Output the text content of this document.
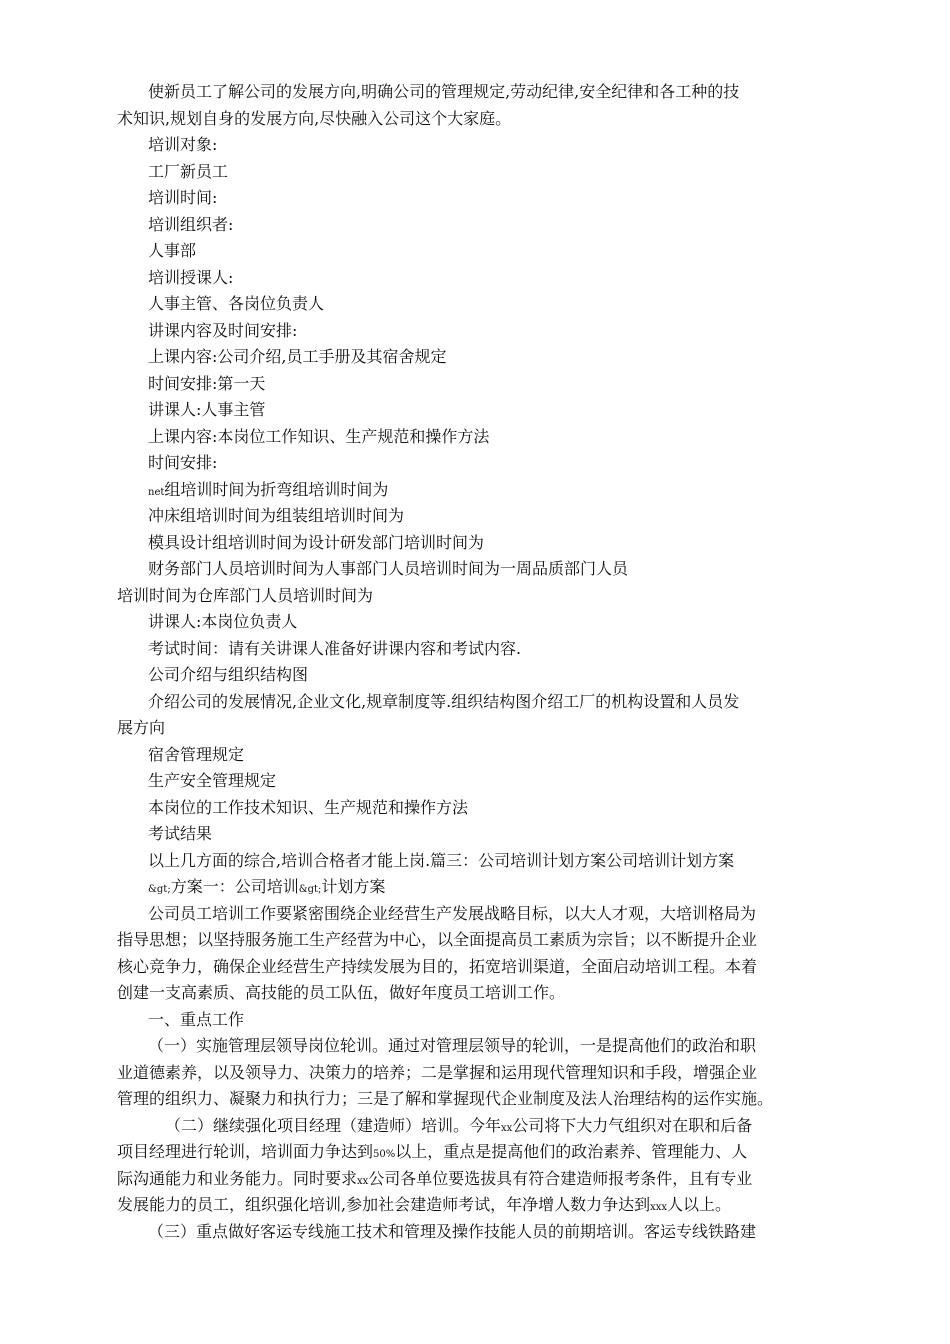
使新员工了解公司的发展方向,明确公司的管理规定,劳动纪律,安全纪律和各工种的技
术知识,规划自身的发展方向,尽快融入公司这个大家庭。
培训对象:
工厂新员工
培训时间:
培训组织者:
人事部
培训授课人:
人事主管、各岗位负责人
讲课内容及时间安排:
上课内容:公司介绍,员工手册及其宿舍规定
时间安排:第一天
讲课人:人事主管
上课内容:本岗位工作知识、生产规范和操作方法
时间安排:
net组培训时间为折弯组培训时间为
冲床组培训时间为组装组培训时间为
模具设计组培训时间为设计研发部门培训时间为
财务部门人员培训时间为人事部门人员培训时间为一周品质部门人员
培训时间为仓库部门人员培训时间为
讲课人:本岗位负责人
考试时间：请有关讲课人准备好讲课内容和考试内容.
公司介绍与组织结构图
介绍公司的发展情况,企业文化,规章制度等.组织结构图介绍工厂的机构设置和人员发
展方向
宿舍管理规定
生产安全管理规定
本岗位的工作技术知识、生产规范和操作方法
考试结果
以上几方面的综合,培训合格者才能上岗.篇三：公司培训计划方案公司培训计划方案
&gt;方案一：公司培训&gt;计划方案
公司员工培训工作要紧密围绕企业经营生产发展战略目标，以大人才观，大培训格局为
指导思想；以坚持服务施工生产经营为中心，以全面提高员工素质为宗旨；以不断提升企业
核心竞争力，确保企业经营生产持续发展为目的，拓宽培训渠道，全面启动培训工程。本着
创建一支高素质、高技能的员工队伍，做好年度员工培训工作。
一、重点工作
（一）实施管理层领导岗位轮训。通过对管理层领导的轮训，一是提高他们的政治和职
业道德素养，以及领导力、决策力的培养；二是掌握和运用现代管理知识和手段，增强企业
管理的组织力、凝聚力和执行力；三是了解和掌握现代企业制度及法人治理结构的运作实施。
（二）继续强化项目经理（建造师）培训。今年xx公司将下大力气组织对在职和后备
项目经理进行轮训，培训面力争达到50%以上，重点是提高他们的政治素养、管理能力、人
际沟通能力和业务能力。同时要求xx公司各单位要选拔具有符合建造师报考条件，且有专业
发展能力的员工，组织强化培训,参加社会建造师考试，年净增人数力争达到xxx人以上。
（三）重点做好客运专线施工技术和管理及操作技能人员的前期培训。客运专线铁路建
